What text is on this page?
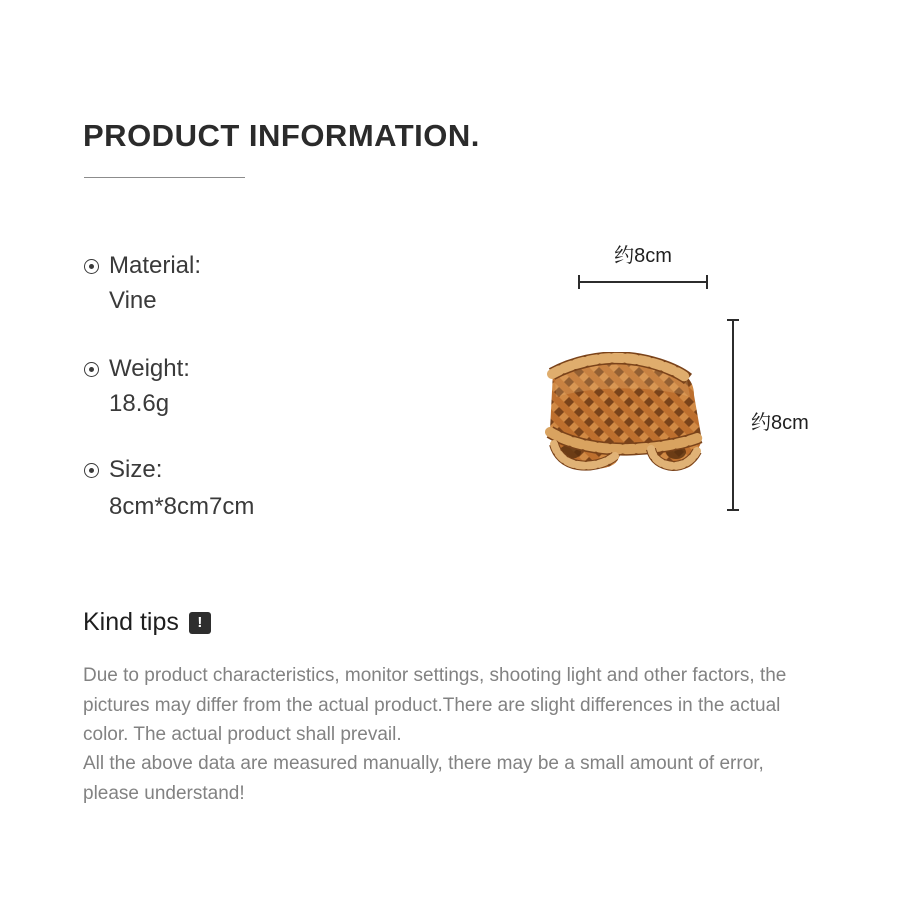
PRODUCT INFORMATION.
Material:
Vine
Weight:
18.6g
Size:
8cm*8cm7cm
约8cm
约8cm
Kind tips !

Due to product characteristics, monitor settings, shooting light and other factors, the pictures may differ from the actual product.There are slight differences in the actual color. The actual product shall prevail.

All the above data are measured manually, there may be a small amount of error, please understand!
